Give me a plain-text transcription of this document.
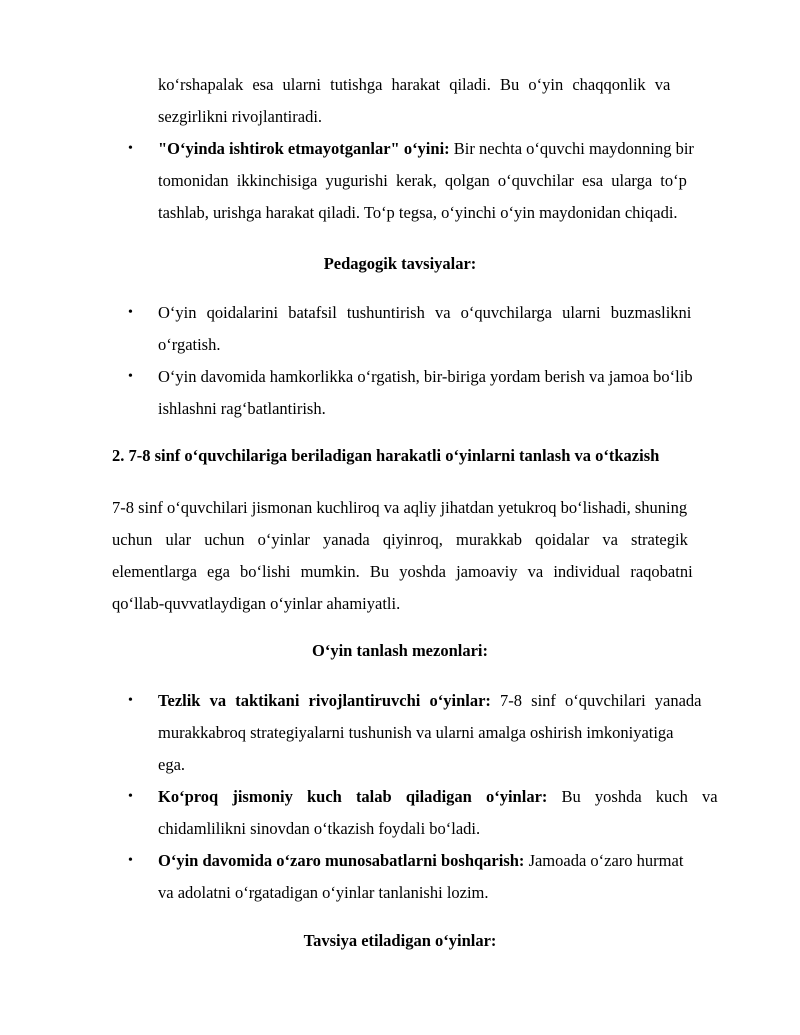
ko‘rshapalak esa ularni tutishga harakat qiladi. Bu o‘yin chaqqonlik va
sezgirlikni rivojlantiradi.
•	"O‘yinda ishtirok etmayotganlar" o‘yini: Bir nechta o‘quvchi maydonning bir
tomonidan ikkinchisiga yugurishi kerak, qolgan o‘quvchilar esa ularga to‘p
tashlab, urishga harakat qiladi. To‘p tegsa, o‘yinchi o‘yin maydonidan chiqadi.
Pedagogik tavsiyalar:
•	O‘yin qoidalarini batafsil tushuntirish va o‘quvchilarga ularni buzmaslikni
o‘rgatish.
•	O‘yin davomida hamkorlikka o‘rgatish, bir-biriga yordam berish va jamoa bo‘lib
ishlashni rag‘batlantirish.
2. 7-8 sinf o‘quvchilariga beriladigan harakatli o‘yinlarni tanlash va o‘tkazish
7-8 sinf o‘quvchilari jismonan kuchliroq va aqliy jihatdan yetukroq bo‘lishadi, shuning
uchun ular uchun o‘yinlar yanada qiyinroq, murakkab qoidalar va strategik
elementlarga ega bo‘lishi mumkin. Bu yoshda jamoaviy va individual raqobatni
qo‘llab-quvvatlaydigan o‘yinlar ahamiyatli.
O‘yin tanlash mezonlari:
•	Tezlik va taktikani rivojlantiruvchi o‘yinlar: 7-8 sinf o‘quvchilari yanada
murakkabroq strategiyalarni tushunish va ularni amalga oshirish imkoniyatiga
ega.
•	Ko‘proq jismoniy kuch talab qiladigan o‘yinlar: Bu yoshda kuch va
chidamlilikni sinovdan o‘tkazish foydali bo‘ladi.
•	O‘yin davomida o‘zaro munosabatlarni boshqarish: Jamoada o‘zaro hurmat
va adolatni o‘rgatadigan o‘yinlar tanlanishi lozim.
Tavsiya etiladigan o‘yinlar:
